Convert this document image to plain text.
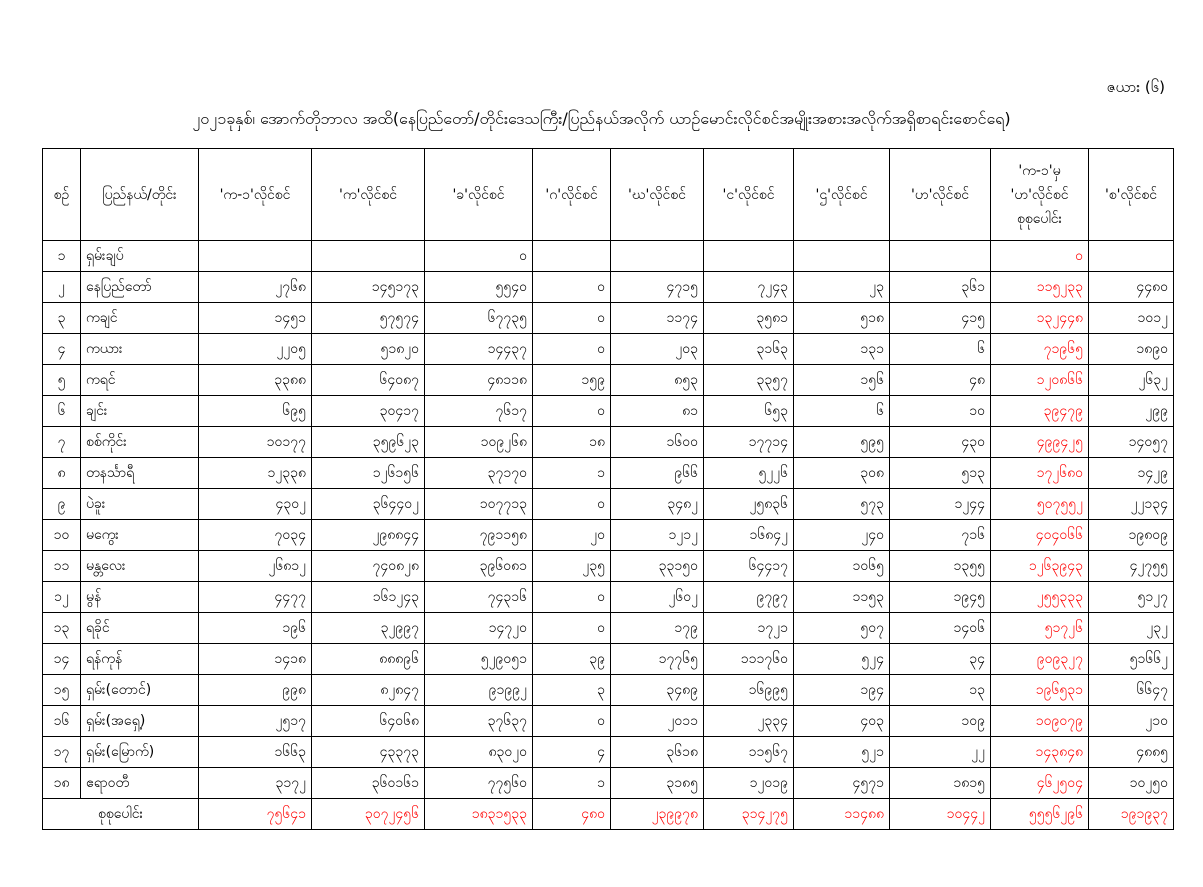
ဇယား (၆)
၂၀၂၁ခုနှစ်၊ အောက်တိုဘာလ အထိ(နေပြည်တော်/တိုင်းဒေသကြီး/ပြည်နယ်အလိုက် ယာဉ်မောင်းလိုင်စင်အမျိုးအစားအလိုက်အရှိစာရင်းစောင်ရေ)
စဉ်	ပြည်နယ်/တိုင်း	'က-၁'လိုင်စင်	'က'လိုင်စင်	'ခ'လိုင်စင်	'ဂ'လိုင်စင်	'ဃ'လိုင်စင်	'င'လိုင်စင်	'ဌ'လိုင်စင်	'ဟ'လိုင်စင်	'က-၁'မှ
'ဟ'လိုင်စင်
စုစုပေါင်း	'စ'လိုင်စင်
၁	ရှမ်းချပ်			၀						၀	
၂	နေပြည်တော်	၂၇၆၈	၁၄၅၁၇၃	၅၅၄၀	၀	၄၇၁၅	၇၂၄၃	၂၃	၃၆၁	၁၁၅၂၃၃	၄၄၈၀
၃	ကချင်	၁၄၅၁	၅၇၅၇၄	၆၇၇၃၅	၀	၁၁၇၄	၃၅၈၁	၅၁၈	၄၁၅	၁၃၂၄၄၈	၁၀၁၂
၄	ကယား	၂၂၀၅	၅၁၈၂၀	၁၄၄၃၇	၀	၂၀၃	၃၁၆၃	၁၃၁	၆	၇၁၉၆၅	၁၈၉၀
၅	ကရင်	၃၃၈၈	၆၄၀၈၇	၄၈၁၁၈	၁၅၉	၈၅၃	၃၃၅၇	၁၅၆	၄၈	၁၂၀၈၆၆	၂၆၃၂
၆	ချင်း	၆၉၅	၃၀၄၁၇	၇၆၁၇	၀	၈၁	၆၅၃	၆	၁၀	၃၉၄၇၉	၂၉၉
၇	စစ်ကိုင်း	၁၀၁၇၇	၃၅၉၆၂၃	၁၀၉၂၆၈	၁၈	၁၆၀၀	၁၇၇၁၄	၅၉၅	၄၃၀	၄၉၉၄၂၅	၁၄၀၅၇
၈	တနင်္သာရီ	၁၂၃၃၈	၁၂၆၁၅၆	၃၇၁၇၀	၁	၉၆၆	၅၂၂၆	၃၀၈	၅၁၃	၁၇၂၆၈၀	၁၄၂၉
၉	ပဲခူး	၄၃၀၂	၃၆၄၄၀၂	၁၀၇၇၁၃	၀	၃၄၈၂	၂၅၈၃၆	၅၇၃	၁၂၄၄	၅၀၇၅၅၂	၂၂၁၃၄
၁၀	မကွေး	၇၀၃၄	၂၉၈၈၄၄	၇၉၁၁၅၈	၂၀	၁၂၁၂	၁၆၈၄၂	၂၄၀	၇၁၆	၄၀၄၀၆၆	၁၉၈၀၉
၁၁	မန္တလေး	၂၆၈၁၂	၇၄၀၈၂၈	၃၉၆၀၈၁	၂၃၅	၃၃၁၅၀	၆၄၄၁၇	၁၀၆၅	၁၃၅၅	၁၂၆၃၉၄၃	၄၂၇၅၅
၁၂	မွန်	၄၄၇၇	၁၆၁၂၄၃	၇၄၃၁၆	၀	၂၆၀၂	၉၇၉၇	၁၁၅၃	၁၉၄၅	၂၅၅၃၃၃	၅၁၂၇
၁၃	ရခိုင်	၁၉၆	၃၂၉၉၇	၁၄၇၂၀	၀	၁၇၉	၁၇၂၁	၅၀၇	၁၄၀၆	၅၁၇၂၆	၂၃၂
၁၄	ရန်ကုန်	၁၄၁၈	၈၈၈၉၆	၅၂၉၀၅၁	၃၉	၁၇၇၆၅	၁၁၁၇၆၀	၅၂၄	၃၄	၉၀၉၃၂၇	၅၁၆၆၂
၁၅	ရှမ်း(တောင်)	၉၉၈	၈၂၈၄၇	၉၁၉၉၂	၃	၃၄၈၉	၁၆၉၉၅	၁၉၄	၁၃	၁၉၆၅၃၁	၆၆၄၇
၁၆	ရှမ်း(အရှေ့)	၂၅၁၇	၆၄၀၆၈	၃၇၆၃၇	၀	၂၀၁၁	၂၃၃၄	၄၀၃	၁၀၉	၁၀၉၀၇၉	၂၁၀
၁၇	ရှမ်း(မြောက်)	၁၆၆၃	၄၃၃၇၃	၈၃၀၂၀	၄	၃၆၁၈	၁၁၅၆၇	၅၂၁	၂၂	၁၄၃၈၄၈	၄၈၈၅
၁၈	ဧရာဝတီ	၃၁၇၂	၃၆၀၁၆၁	၇၇၅၆၀	၁	၃၁၈၅	၁၂၀၁၉	၄၅၇၁	၁၈၁၅	၄၆၂၅၀၄	၁၀၂၅၀
စုစုပေါင်း		၇၅၆၄၁	၃၀၇၂၄၅၆	၁၈၃၁၅၃၃	၄၈၀	၂၃၉၉၇၈	၃၁၄၂၇၅	၁၁၄၈၈	၁၀၄၄၂	၅၅၅၆၂၉၆	၁၉၁၉၃၇
